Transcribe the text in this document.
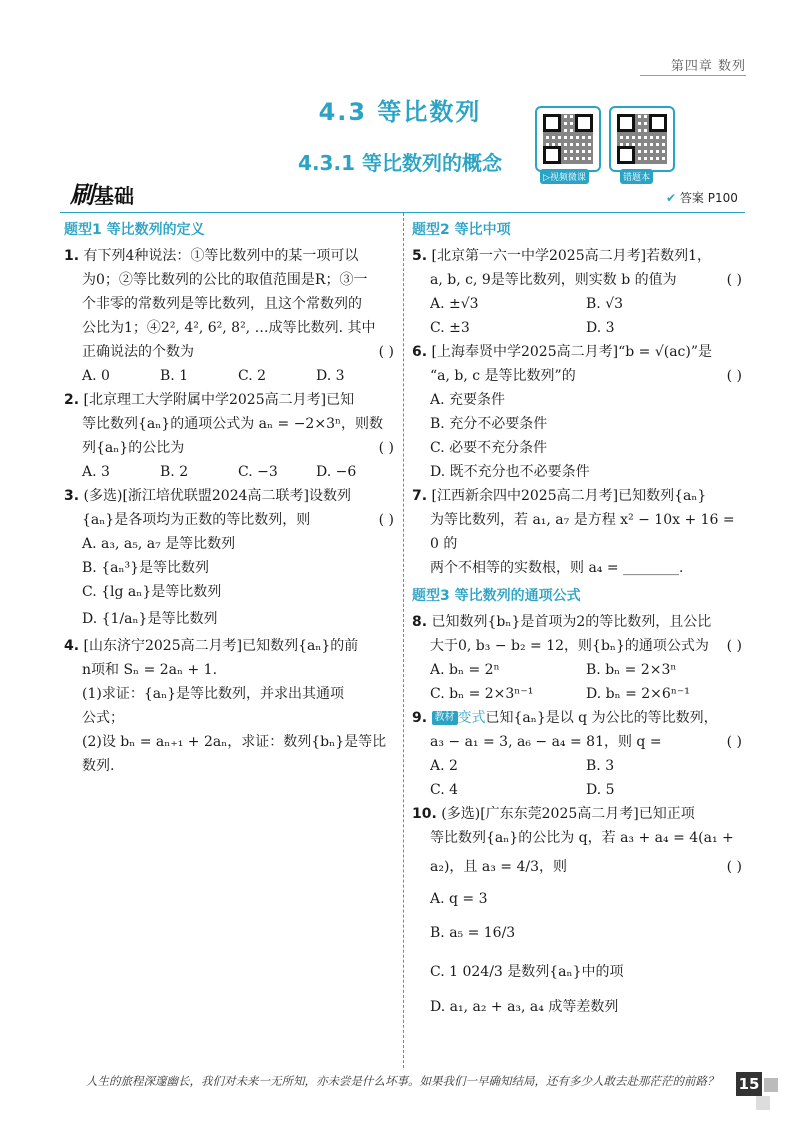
第四章 数列
4.3 等比数列
4.3.1 等比数列的概念
▷视频微课	错题本
刷基础	✔ 答案 P100
题型1 等比数列的定义
1. 有下列4种说法：①等比数列中的某一项可以
为0；②等比数列的公比的取值范围是R；③一
个非零的常数列是等比数列，且这个常数列的
公比为1；④2², 4², 6², 8², …成等比数列. 其中
正确说法的个数为	( )
A. 0	B. 1	C. 2	D. 3
2. [北京理工大学附属中学2025高二月考]已知
等比数列{aₙ}的通项公式为 aₙ = −2×3ⁿ，则数
列{aₙ}的公比为	( )
A. 3	B. 2	C. −3	D. −6
3. (多选)[浙江培优联盟2024高二联考]设数列
{aₙ}是各项均为正数的等比数列，则	( )
A. a₃, a₅, a₇ 是等比数列
B. {aₙ³}是等比数列
C. {lg aₙ}是等比数列
D. {1/aₙ}是等比数列
4. [山东济宁2025高二月考]已知数列{aₙ}的前
n项和 Sₙ = 2aₙ + 1.
(1)求证：{aₙ}是等比数列，并求出其通项
公式；
(2)设 bₙ = aₙ₊₁ + 2aₙ，求证：数列{bₙ}是等比
数列.
题型2 等比中项
5. [北京第一六一中学2025高二月考]若数列1，
a, b, c, 9是等比数列，则实数 b 的值为	( )
A. ±√3	B. √3
C. ±3	D. 3
6. [上海奉贤中学2025高二月考]“b = √(ac)”是
“a, b, c 是等比数列”的	( )
A. 充要条件
B. 充分不必要条件
C. 必要不充分条件
D. 既不充分也不必要条件
7. [江西新余四中2025高二月考]已知数列{aₙ}
为等比数列，若 a₁, a₇ 是方程 x² − 10x + 16 = 0 的
两个不相等的实数根，则 a₄ = ________.
题型3 等比数列的通项公式
8. 已知数列{bₙ}是首项为2的等比数列，且公比
大于0, b₃ − b₂ = 12，则{bₙ}的通项公式为 ( )
A. bₙ = 2ⁿ	B. bₙ = 2×3ⁿ
C. bₙ = 2×3ⁿ⁻¹	D. bₙ = 2×6ⁿ⁻¹
9. 教材 变式已知{aₙ}是以 q 为公比的等比数列，
a₃ − a₁ = 3, a₆ − a₄ = 81，则 q =	( )
A. 2	B. 3
C. 4	D. 5
10. (多选)[广东东莞2025高二月考]已知正项
等比数列{aₙ}的公比为 q，若 a₃ + a₄ = 4(a₁ +
a₂)，且 a₃ = 4/3，则	( )
A. q = 3
B. a₅ = 16/3
C. 1 024/3 是数列{aₙ}中的项
D. a₁, a₂ + a₃, a₄ 成等差数列
人生的旅程深邃幽长，我们对未来一无所知，亦未尝是什么坏事。如果我们一早确知结局，还有多少人敢去赴那茫茫的前路？	15
